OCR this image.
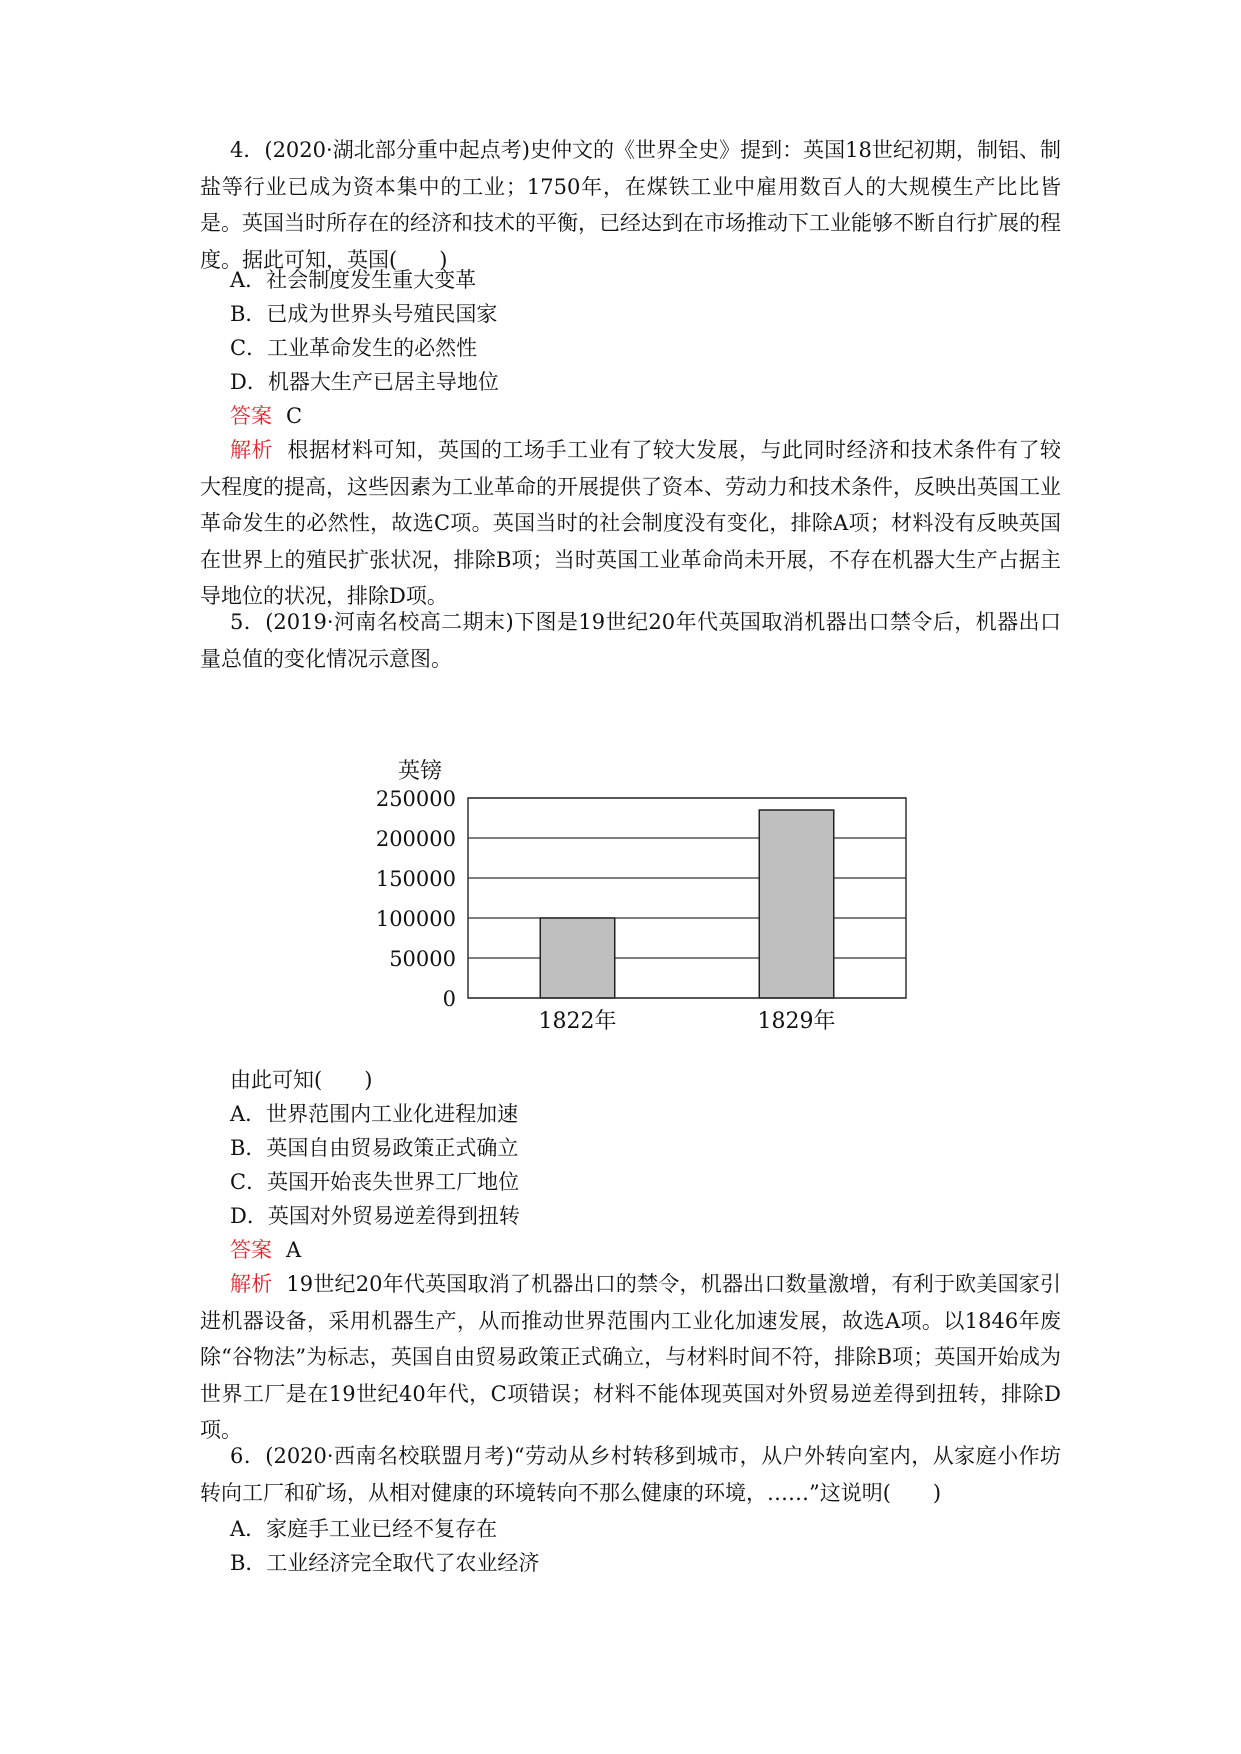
4．(2020·湖北部分重中起点考)史仲文的《世界全史》提到：英国18世纪初期，制铝、制盐等行业已成为资本集中的工业；1750年，在煤铁工业中雇用数百人的大规模生产比比皆是。英国当时所存在的经济和技术的平衡，已经达到在市场推动下工业能够不断自行扩展的程度。据此可知，英国(　　)

A．社会制度发生重大变革

B．已成为世界头号殖民国家

C．工业革命发生的必然性

D．机器大生产已居主导地位

答案 C

解析 根据材料可知，英国的工场手工业有了较大发展，与此同时经济和技术条件有了较大程度的提高，这些因素为工业革命的开展提供了资本、劳动力和技术条件，反映出英国工业革命发生的必然性，故选C项。英国当时的社会制度没有变化，排除A项；材料没有反映英国在世界上的殖民扩张状况，排除B项；当时英国工业革命尚未开展，不存在机器大生产占据主导地位的状况，排除D项。

5．(2019·河南名校高二期末)下图是19世纪20年代英国取消机器出口禁令后，机器出口量总值的变化情况示意图。

英镑
0
50000
100000
150000
200000
250000
1822年	1829年

由此可知(　　)

A．世界范围内工业化进程加速

B．英国自由贸易政策正式确立

C．英国开始丧失世界工厂地位

D．英国对外贸易逆差得到扭转

答案 A

解析 19世纪20年代英国取消了机器出口的禁令，机器出口数量激增，有利于欧美国家引进机器设备，采用机器生产，从而推动世界范围内工业化加速发展，故选A项。以1846年废除“谷物法”为标志，英国自由贸易政策正式确立，与材料时间不符，排除B项；英国开始成为世界工厂是在19世纪40年代，C项错误；材料不能体现英国对外贸易逆差得到扭转，排除D项。

6．(2020·西南名校联盟月考)“劳动从乡村转移到城市，从户外转向室内，从家庭小作坊转向工厂和矿场，从相对健康的环境转向不那么健康的环境，……”这说明(　　)

A．家庭手工业已经不复存在

B．工业经济完全取代了农业经济
